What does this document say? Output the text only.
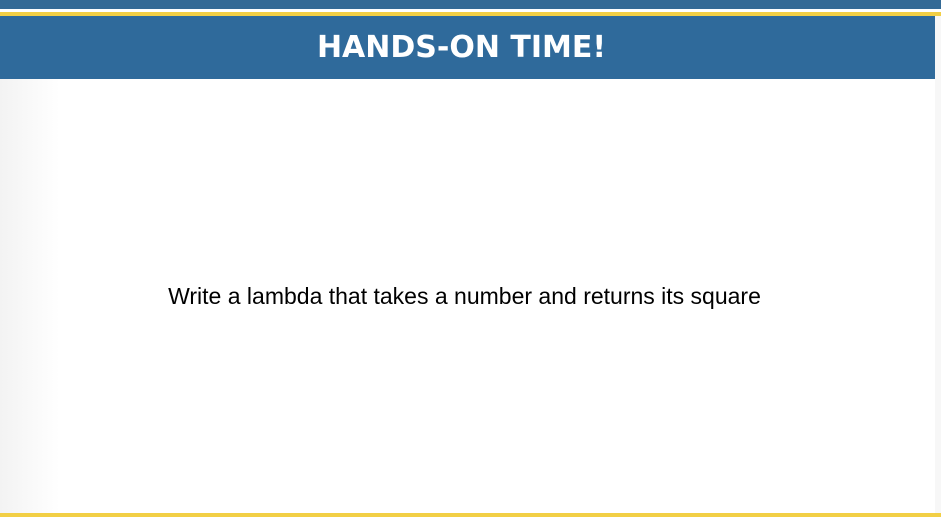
HANDS-ON TIME!
Write a lambda that takes a number and returns its square
